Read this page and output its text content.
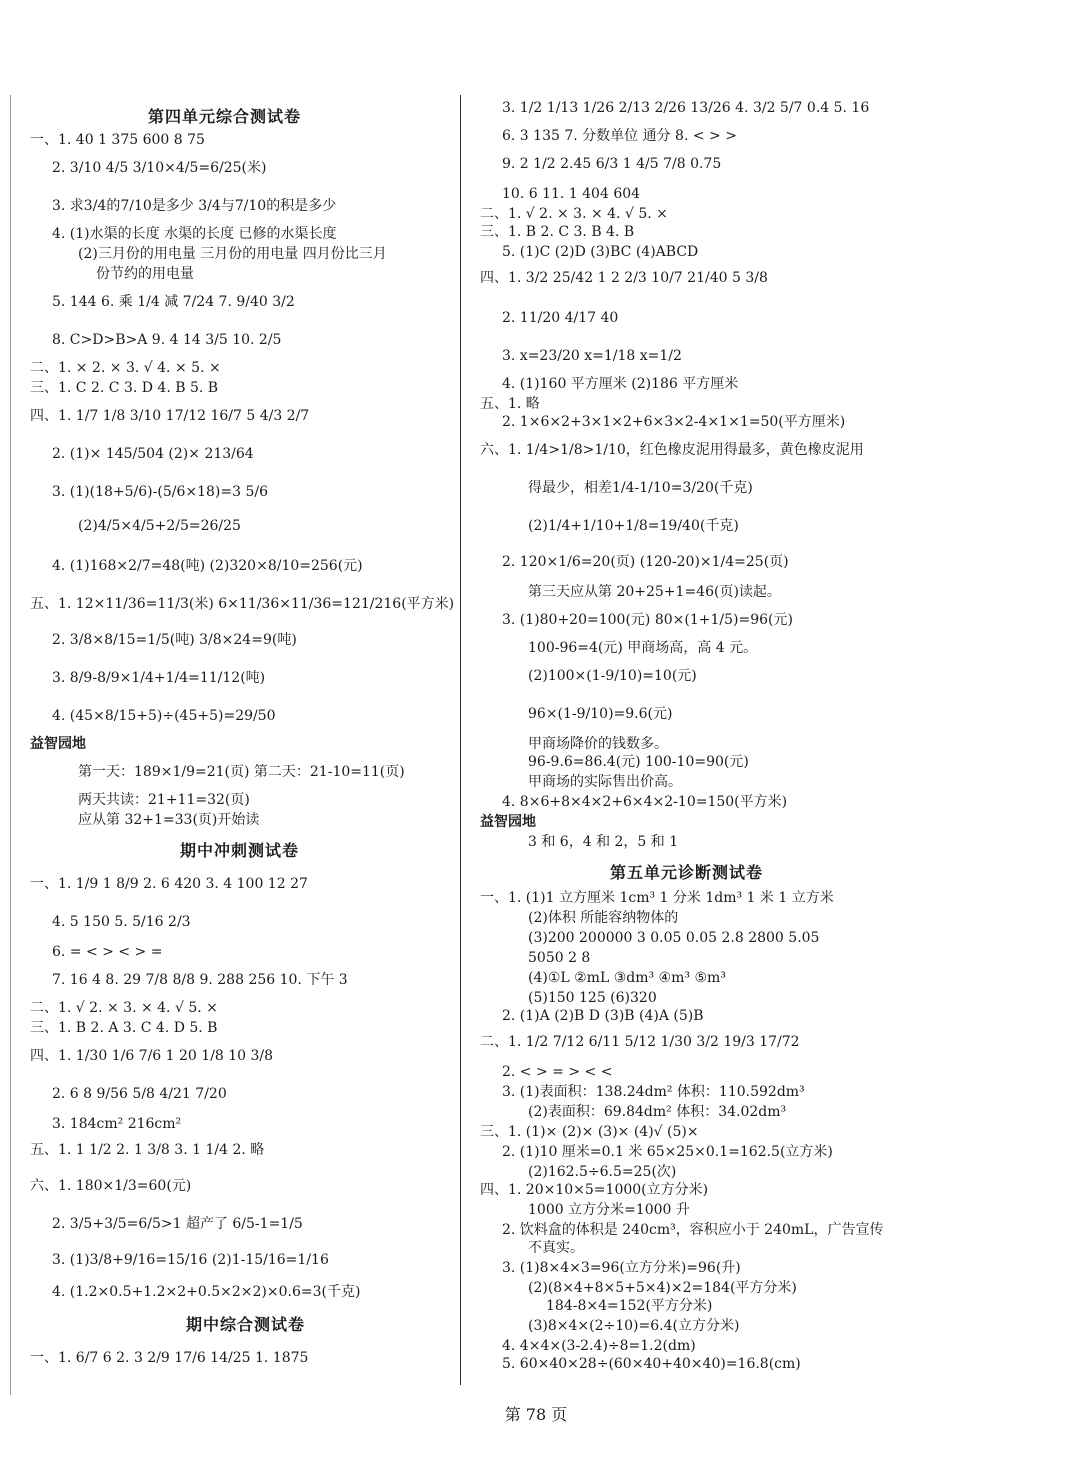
第四单元综合测试卷
一、1. 40 1 375 600 8 75
2. 3/10 4/5 3/10×4/5=6/25(米)
3. 求3/4的7/10是多少 3/4与7/10的积是多少
4. (1)水渠的长度 水渠的长度 已修的水渠长度
(2)三月份的用电量 三月份的用电量 四月份比三月
份节约的用电量
5. 144 6. 乘 1/4 减 7/24 7. 9/40 3/2
8. C>D>B>A 9. 4 14 3/5 10. 2/5
二、1. × 2. × 3. √ 4. × 5. ×
三、1. C 2. C 3. D 4. B 5. B
四、1. 1/7 1/8 3/10 17/12 16/7 5 4/3 2/7
2. (1)× 145/504 (2)× 213/64
3. (1)(18+5/6)-(5/6×18)=3 5/6
(2)4/5×4/5+2/5=26/25
4. (1)168×2/7=48(吨) (2)320×8/10=256(元)
五、1. 12×11/36=11/3(米) 6×11/36×11/36=121/216(平方米)
2. 3/8×8/15=1/5(吨) 3/8×24=9(吨)
3. 8/9-8/9×1/4+1/4=11/12(吨)
4. (45×8/15+5)÷(45+5)=29/50
益智园地
第一天：189×1/9=21(页) 第二天：21-10=11(页)
两天共读：21+11=32(页)
应从第 32+1=33(页)开始读
期中冲刺测试卷
一、1. 1/9 1 8/9 2. 6 420 3. 4 100 12 27
4. 5 150 5. 5/16 2/3
6. = < > < > =
7. 16 4 8. 29 7/8 8/8 9. 288 256 10. 下午 3
二、1. √ 2. × 3. × 4. √ 5. ×
三、1. B 2. A 3. C 4. D 5. B
四、1. 1/30 1/6 7/6 1 20 1/8 10 3/8
2. 6 8 9/56 5/8 4/21 7/20
3. 184cm² 216cm²
五、1. 1 1/2 2. 1 3/8 3. 1 1/4 2. 略
六、1. 180×1/3=60(元)
2. 3/5+3/5=6/5>1 超产了 6/5-1=1/5
3. (1)3/8+9/16=15/16 (2)1-15/16=1/16
4. (1.2×0.5+1.2×2+0.5×2×2)×0.6=3(千克)
期中综合测试卷
一、1. 6/7 6 2. 3 2/9 17/6 14/25 1. 1875
3. 1/2 1/13 1/26 2/13 2/26 13/26 4. 3/2 5/7 0.4 5. 16
6. 3 135 7. 分数单位 通分 8. < > >
9. 2 1/2 2.45 6/3 1 4/5 7/8 0.75
10. 6 11. 1 404 604
二、1. √ 2. × 3. × 4. √ 5. ×
三、1. B 2. C 3. B 4. B
5. (1)C (2)D (3)BC (4)ABCD
四、1. 3/2 25/42 1 2 2/3 10/7 21/40 5 3/8
2. 11/20 4/17 40
3. x=23/20 x=1/18 x=1/2
4. (1)160 平方厘米 (2)186 平方厘米
五、1. 略
2. 1×6×2+3×1×2+6×3×2-4×1×1=50(平方厘米)
六、1. 1/4>1/8>1/10，红色橡皮泥用得最多，黄色橡皮泥用
得最少，相差1/4-1/10=3/20(千克)
(2)1/4+1/10+1/8=19/40(千克)
2. 120×1/6=20(页) (120-20)×1/4=25(页)
第三天应从第 20+25+1=46(页)读起。
3. (1)80+20=100(元) 80×(1+1/5)=96(元)
100-96=4(元) 甲商场高，高 4 元。
(2)100×(1-9/10)=10(元)
96×(1-9/10)=9.6(元)
甲商场降价的钱数多。
96-9.6=86.4(元) 100-10=90(元)
甲商场的实际售出价高。
4. 8×6+8×4×2+6×4×2-10=150(平方米)
益智园地
3 和 6，4 和 2，5 和 1
第五单元诊断测试卷
一、1. (1)1 立方厘米 1cm³ 1 分米 1dm³ 1 米 1 立方米
(2)体积 所能容纳物体的
(3)200 200000 3 0.05 0.05 2.8 2800 5.05
5050 2 8
(4)①L ②mL ③dm³ ④m³ ⑤m³
(5)150 125 (6)320
2. (1)A (2)B D (3)B (4)A (5)B
二、1. 1/2 7/12 6/11 5/12 1/30 3/2 19/3 17/72
2. < > = > < <
3. (1)表面积：138.24dm² 体积：110.592dm³
(2)表面积：69.84dm² 体积：34.02dm³
三、1. (1)× (2)× (3)× (4)√ (5)×
2. (1)10 厘米=0.1 米 65×25×0.1=162.5(立方米)
(2)162.5÷6.5=25(次)
四、1. 20×10×5=1000(立方分米)
1000 立方分米=1000 升
2. 饮料盒的体积是 240cm³，容积应小于 240mL，广告宣传
不真实。
3. (1)8×4×3=96(立方分米)=96(升)
(2)(8×4+8×5+5×4)×2=184(平方分米)
184-8×4=152(平方分米)
(3)8×4×(2÷10)=6.4(立方分米)
4. 4×4×(3-2.4)÷8=1.2(dm)
5. 60×40×28÷(60×40+40×40)=16.8(cm)
第 78 页
